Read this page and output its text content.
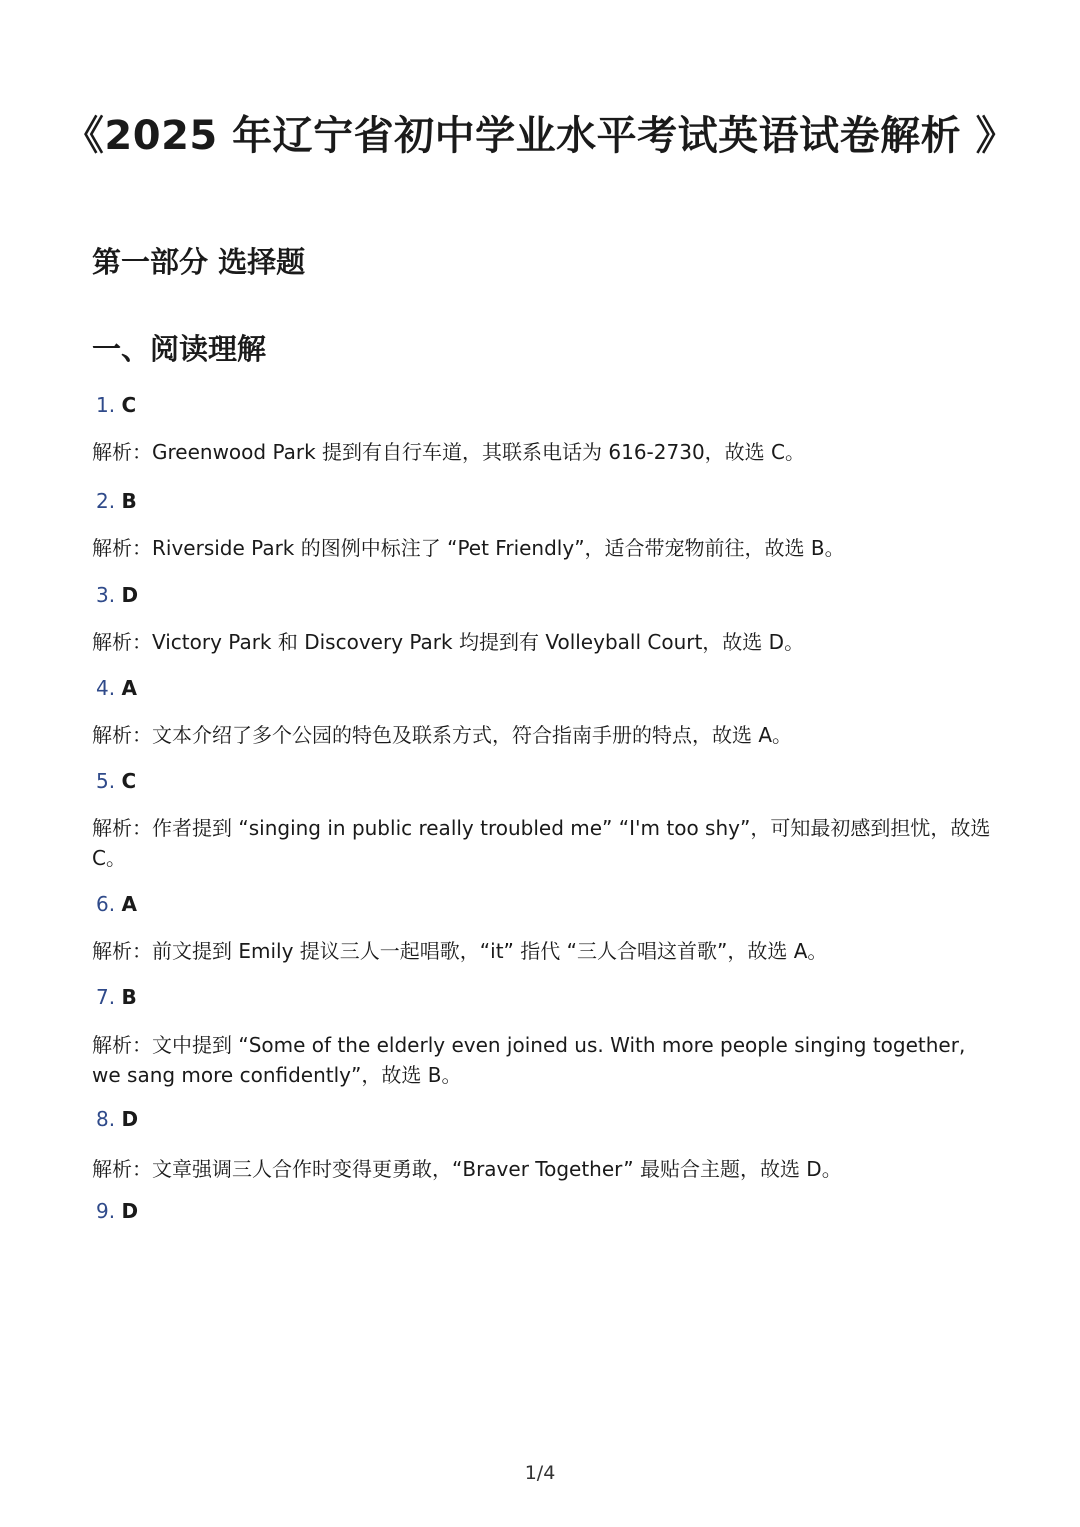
《2025 年辽宁省初中学业水平考试英语试卷解析 》
第一部分 选择题
一、阅读理解
1. C
解析：Greenwood Park 提到有自行车道，其联系电话为 616-2730，故选 C。
2. B
解析：Riverside Park 的图例中标注了 “Pet Friendly”，适合带宠物前往，故选 B。
3. D
解析：Victory Park 和 Discovery Park 均提到有 Volleyball Court，故选 D。
4. A
解析：文本介绍了多个公园的特色及联系方式，符合指南手册的特点，故选 A。
5. C
解析：作者提到 “singing in public really troubled me” “I'm too shy”，可知最初感到担忧，故选 C。
6. A
解析：前文提到 Emily 提议三人一起唱歌，“it” 指代 “三人合唱这首歌”，故选 A。
7. B
解析：文中提到 “Some of the elderly even joined us. With more people singing together, we sang more confidently”，故选 B。
8. D
解析：文章强调三人合作时变得更勇敢，“Braver Together” 最贴合主题，故选 D。
9. D
1/4
